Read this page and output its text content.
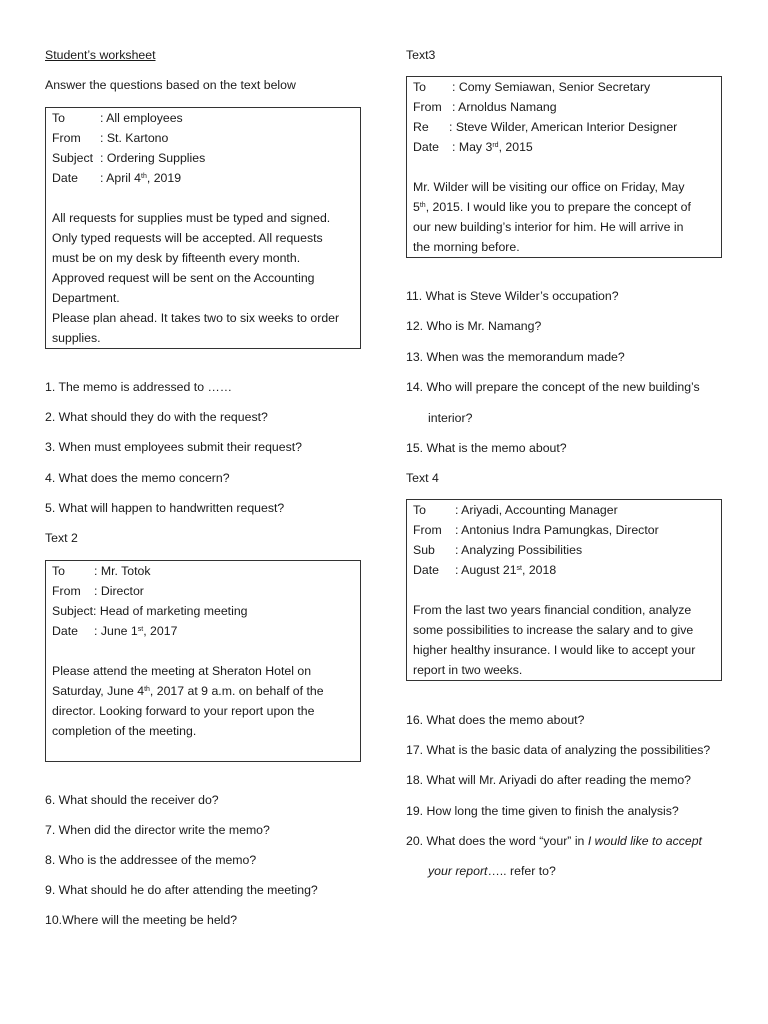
Student’s worksheet

Answer the questions based on the text below

To	: All employees
From	: St. Kartono
Subject : Ordering Supplies
Date	: April 4th, 2019

All requests for supplies must be typed and signed.

Only typed requests will be accepted. All requests

must be on my desk by fifteenth every month.

Approved request will be sent on the Accounting

Department.

Please plan ahead. It takes two to six weeks to order

supplies.

1. The memo is addressed to ……

2. What should they do with the request?

3. When must employees submit their request?

4. What does the memo concern?

5. What will happen to handwritten request?

Text 2

To	: Mr. Totok
From	: Director
Subject : Head of marketing meeting
Date	: June 1st, 2017

Please attend the meeting at Sheraton Hotel on

Saturday, June 4th, 2017 at 9 a.m. on behalf of the

director. Looking forward to your report upon the

completion of the meeting.

6. What should the receiver do?

7. When did the director write the memo?

8. Who is the addressee of the memo?

9. What should he do after attending the meeting?

10.Where will the meeting be held?

Text3

To	: Comy Semiawan, Senior Secretary
From : Arnoldus Namang
Re	: Steve Wilder, American Interior Designer
Date	: May 3rd, 2015

Mr. Wilder will be visiting our office on Friday, May

5th, 2015. I would like you to prepare the concept of

our new building’s interior for him. He will arrive in

the morning before.

11. What is Steve Wilder’s occupation?

12. Who is Mr. Namang?

13. When was the memorandum made?

14. Who will prepare the concept of the new building’s

interior?

15. What is the memo about?

Text 4

To	: Ariyadi, Accounting Manager
From	: Antonius Indra Pamungkas, Director
Sub	: Analyzing Possibilities
Date	: August 21st, 2018

From the last two years financial condition, analyze

some possibilities to increase the salary and to give

higher healthy insurance. I would like to accept your

report in two weeks.

16. What does the memo about?

17. What is the basic data of analyzing the possibilities?

18. What will Mr. Ariyadi do after reading the memo?

19. How long the time given to finish the analysis?

20. What does the word “your” in I would like to accept

your report….. refer to?
